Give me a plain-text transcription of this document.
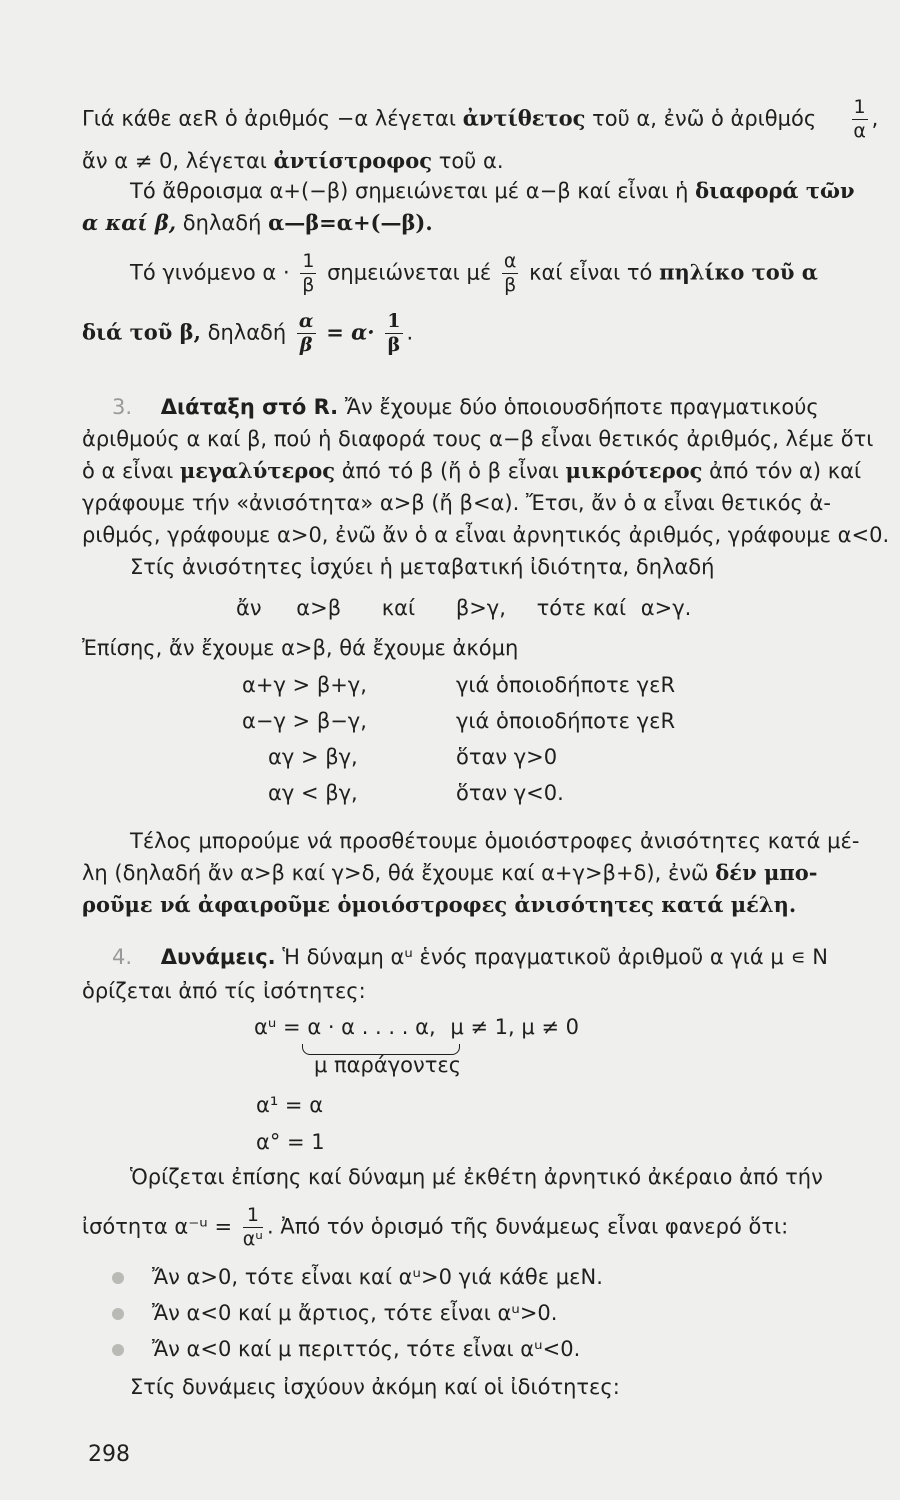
Γιά κάθε αεR ὁ ἀριθμός −α λέγεται ἀντίθετος τοῦ α, ἐνῶ ὁ ἀριθμός $\frac{1}{\alpha}$ ,
ἄν α ≠ 0, λέγεται ἀντίστροφος τοῦ α.
Τό ἄθροισμα α+(−β) σημειώνεται μέ α−β καί εἶναι ἡ διαφορά τῶν
α καί β, δηλαδή α—β=α+(—β).
Τό γινόμενο $\alpha \cdot \frac{1}{\beta}$ σημειώνεται μέ $\frac{\alpha}{\beta}$ καί εἶναι τό πηλίκο τοῦ α
διά τοῦ β, δηλαδή $\frac{\alpha}{\beta} = \alpha\cdot \frac{1}{\beta}$ .
3. Διάταξη στό R. Ἄν ἔχουμε δύο ὁποιουσδήποτε πραγματικούς
ἀριθμούς α καί β, πού ἡ διαφορά τους α−β εἶναι θετικός ἀριθμός, λέμε ὅτι
ὁ α εἶναι μεγαλύτερος ἀπό τό β (ἤ ὁ β εἶναι μικρότερος ἀπό τόν α) καί
γράφουμε τήν «ἀνισότητα» α>β (ἤ β<α). Ἔτσι, ἄν ὁ α εἶναι θετικός ἀ-
ριθμός, γράφουμε α>0, ἐνῶ ἄν ὁ α εἶναι ἀρνητικός ἀριθμός, γράφουμε α<0.
Στίς ἀνισότητες ἰσχύει ἡ μεταβατική ἰδιότητα, δηλαδή
ἄν α>β καί β>γ, τότε καί α>γ.
Ἐπίσης, ἄν ἔχουμε α>β, θά ἔχουμε ἀκόμη
α+γ > β+γ,	γιά ὁποιοδήποτε γεR
α−γ > β−γ,	γιά ὁποιοδήποτε γεR
αγ > βγ,	ὅταν γ>0
αγ < βγ,	ὅταν γ<0.
Τέλος μπορούμε νά προσθέτουμε ὁμοιόστροφες ἀνισότητες κατά μέ-
λη (δηλαδή ἄν α>β καί γ>δ, θά ἔχουμε καί α+γ>β+δ), ἐνῶ δέν μπο-
ροῦμε νά ἀφαιροῦμε ὁμοιόστροφες ἀνισότητες κατά μέλη.
4. Δυνάμεις. Ἡ δύναμη αᵘ ἑνός πραγματικοῦ ἀριθμοῦ α γιά μ ∊ N
ὁρίζεται ἀπό τίς ἰσότητες:
αᵘ = α · α . . . . α, μ ≠ 1, μ ≠ 0
μ παράγοντες
α¹ = α
α° = 1
Ὁρίζεται ἐπίσης καί δύναμη μέ ἐκθέτη ἀρνητικό ἀκέραιο ἀπό τήν
ἰσότητα α⁻ᵘ = $\frac{1}{\text{αᵘ}}$ . Ἀπό τόν ὁρισμό τῆς δυνάμεως εἶναι φανερό ὅτι:
Ἄν α>0, τότε εἶναι καί αᵘ>0 γιά κάθε μεN.
Ἄν α<0 καί μ ἄρτιος, τότε εἶναι αᵘ>0.
Ἄν α<0 καί μ περιττός, τότε εἶναι αᵘ<0.
Στίς δυνάμεις ἰσχύουν ἀκόμη καί οἱ ἰδιότητες:
298
